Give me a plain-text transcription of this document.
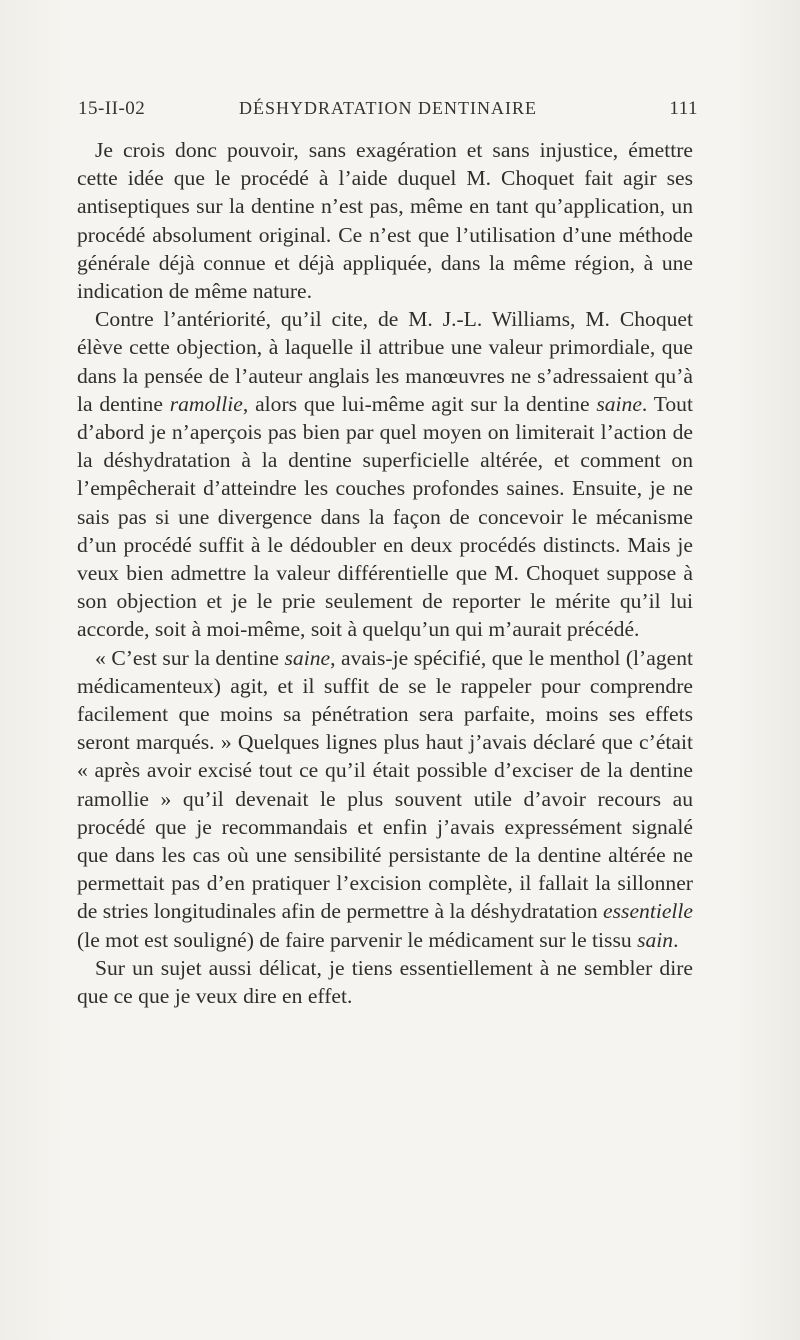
15-II-02	DÉSHYDRATATION DENTINAIRE	111

Je crois donc pouvoir, sans exagération et sans injustice, émettre cette idée que le procédé à l’aide duquel M. Choquet fait agir ses antiseptiques sur la dentine n’est pas, même en tant qu’application, un procédé absolument original. Ce n’est que l’utilisation d’une méthode générale déjà connue et déjà appliquée, dans la même région, à une indication de même nature.

Contre l’antériorité, qu’il cite, de M. J.-L. Williams, M. Choquet élève cette objection, à laquelle il attribue une valeur primordiale, que dans la pensée de l’auteur anglais les manœuvres ne s’adressaient qu’à la dentine ramollie, alors que lui-même agit sur la dentine saine. Tout d’abord je n’aperçois pas bien par quel moyen on limiterait l’action de la déshydratation à la dentine superficielle altérée, et comment on l’empêcherait d’atteindre les couches profondes saines. Ensuite, je ne sais pas si une divergence dans la façon de concevoir le mécanisme d’un procédé suffit à le dédoubler en deux procédés distincts. Mais je veux bien admettre la valeur différentielle que M. Choquet suppose à son objection et je le prie seulement de reporter le mérite qu’il lui accorde, soit à moi-même, soit à quelqu’un qui m’aurait précédé.

« C’est sur la dentine saine, avais-je spécifié, que le menthol (l’agent médicamenteux) agit, et il suffit de se le rappeler pour comprendre facilement que moins sa pénétration sera parfaite, moins ses effets seront marqués. » Quelques lignes plus haut j’avais déclaré que c’était « après avoir excisé tout ce qu’il était possible d’exciser de la dentine ramollie » qu’il devenait le plus souvent utile d’avoir recours au procédé que je recommandais et enfin j’avais expressément signalé que dans les cas où une sensibilité persistante de la dentine altérée ne permettait pas d’en pratiquer l’excision complète, il fallait la sillonner de stries longitudinales afin de permettre à la déshydratation essentielle (le mot est souligné) de faire parvenir le médicament sur le tissu sain.

Sur un sujet aussi délicat, je tiens essentiellement à ne sembler dire que ce que je veux dire en effet.
